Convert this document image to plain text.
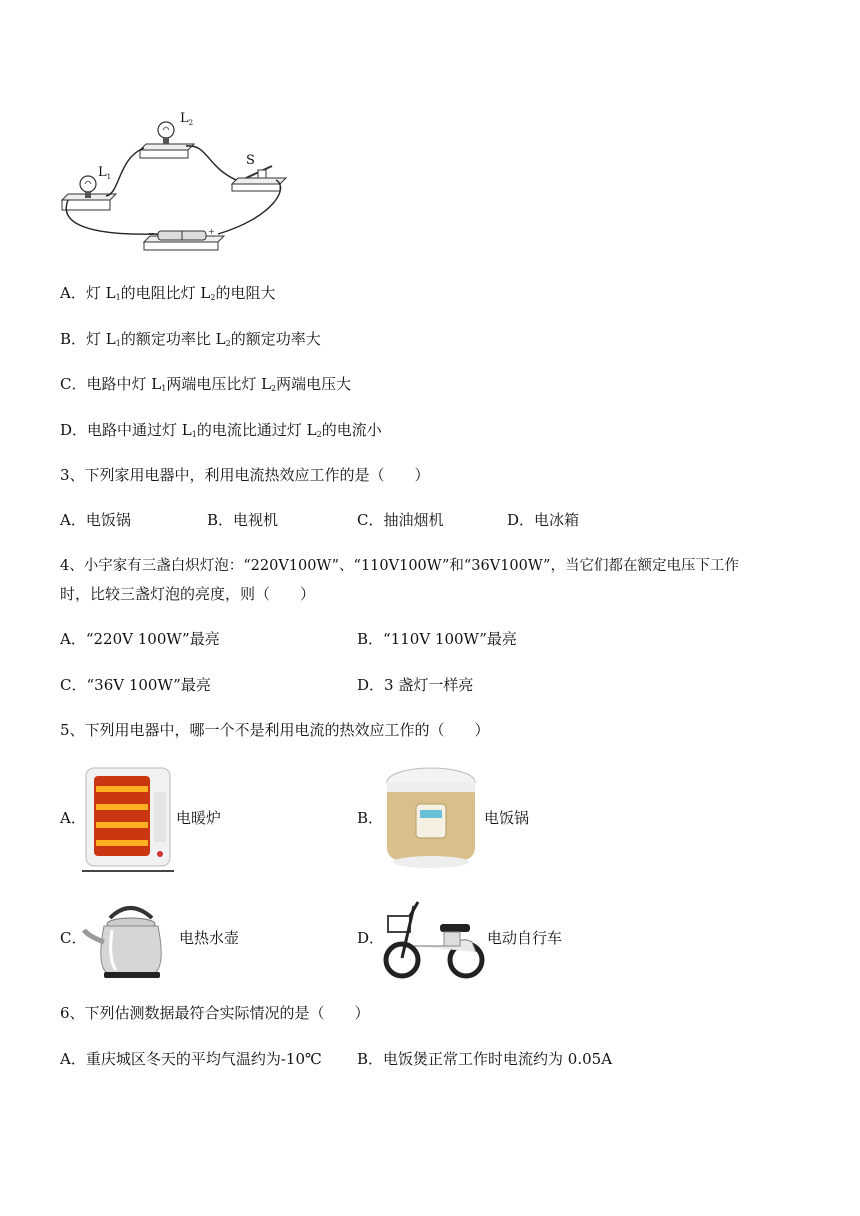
−	+
$L_1$
$L_2$
S
A．灯 $L_1$的电阻比灯 $L_2$的电阻大
B．灯 $L_1$的额定功率比 $L_2$的额定功率大
C．电路中灯 $L_1$两端电压比灯 $L_2$两端电压大
D．电路中通过灯 $L_1$的电流比通过灯 $L_2$的电流小
3、下列家用电器中，利用电流热效应工作的是（　　）
A．电饭锅	B．电视机	C．抽油烟机	D．电冰箱
4、小宇家有三盏白炽灯泡：“220V100W”、“110V100W”和“36V100W”，当它们都在额定电压下工作
时，比较三盏灯泡的亮度，则（　　）
A．“220V 100W”最亮	B．“110V 100W”最亮
C．“36V 100W”最亮	D．3 盏灯一样亮
5、下列用电器中，哪一个不是利用电流的热效应工作的（　　）
A．	电暖炉	B．	电饭锅
C．	电热水壶	D．	电动自行车
6、下列估测数据最符合实际情况的是（　　）
A．重庆城区冬天的平均气温约为-10℃ B．电饭煲正常工作时电流约为 0.05A
